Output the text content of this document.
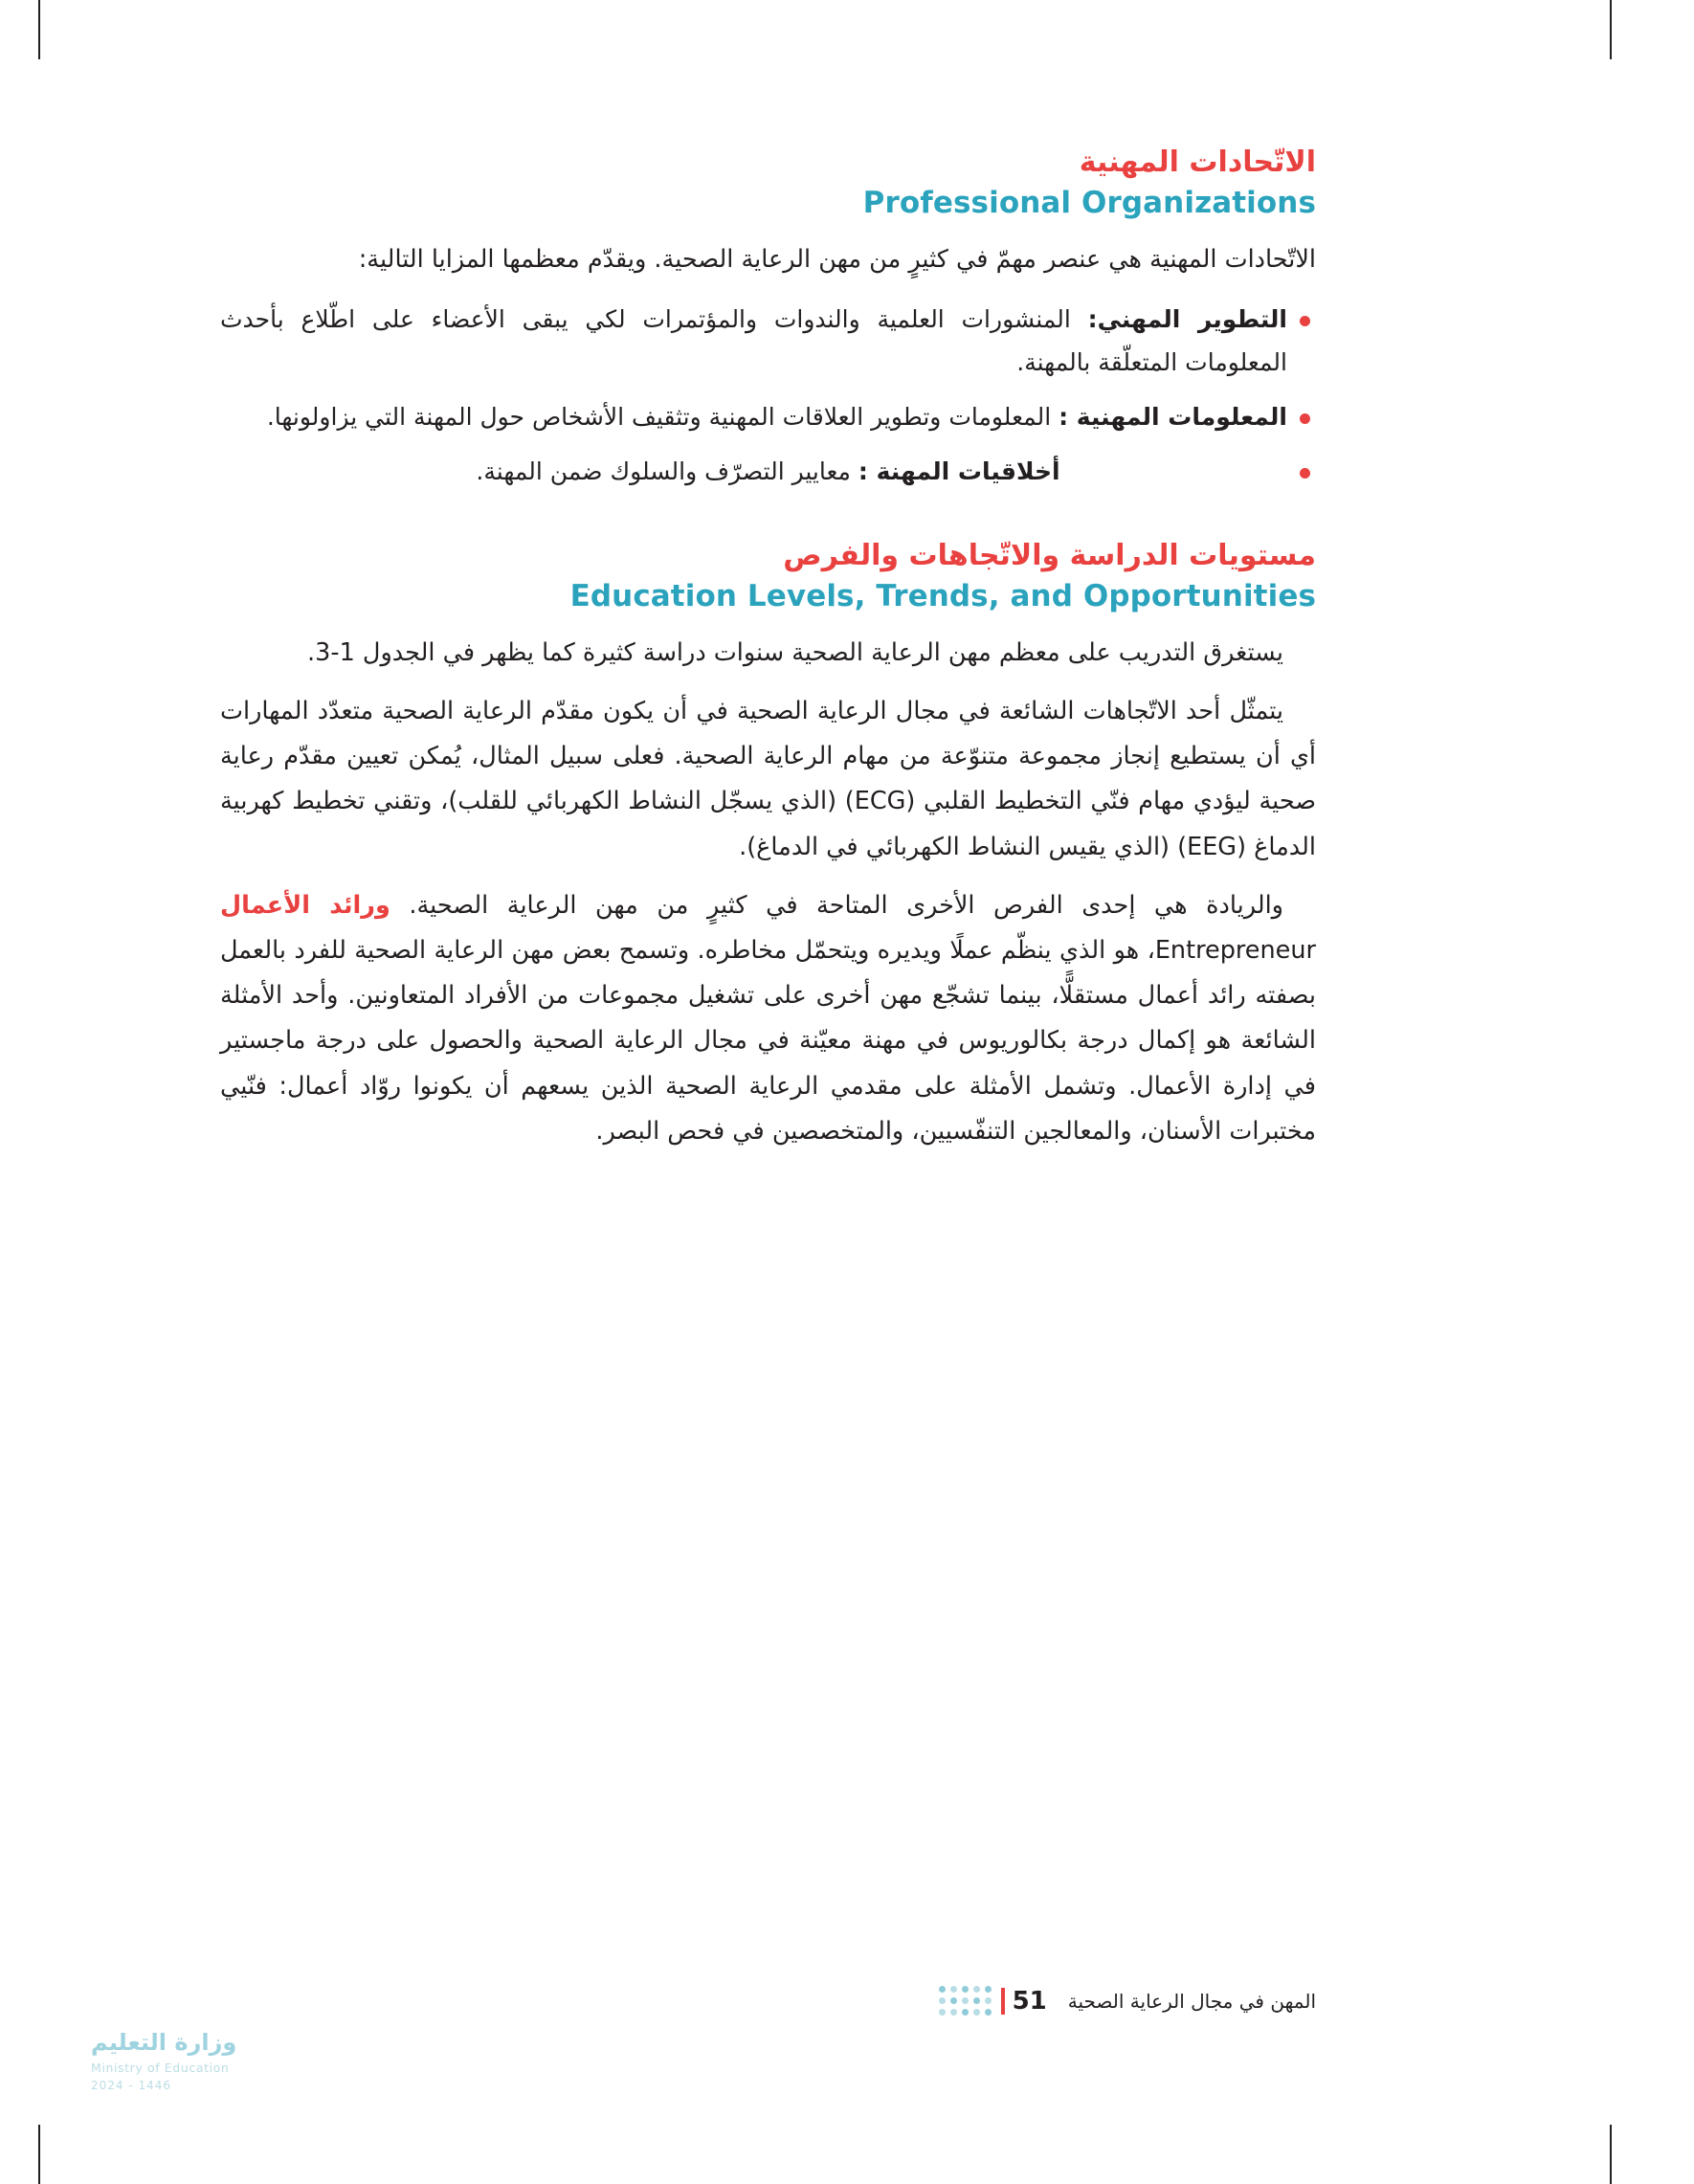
الاتّحادات المهنية
Professional Organizations

الاتّحادات المهنية هي عنصر مهمّ في كثيرٍ من مهن الرعاية الصحية. ويقدّم معظمها المزايا التالية:

التطوير المهني: المنشورات العلمية والندوات والمؤتمرات لكي يبقى الأعضاء على اطّلاع بأحدث المعلومات المتعلّقة بالمهنة.
المعلومات المهنية : المعلومات وتطوير العلاقات المهنية وتثقيف الأشخاص حول المهنة التي يزاولونها.
أخلاقيات المهنة : معايير التصرّف والسلوك ضمن المهنة.
مستويات الدراسة والاتّجاهات والفرص
Education Levels, Trends, and Opportunities

يستغرق التدريب على معظم مهن الرعاية الصحية سنوات دراسة كثيرة كما يظهر في الجدول 1-3.

يتمثّل أحد الاتّجاهات الشائعة في مجال الرعاية الصحية في أن يكون مقدّم الرعاية الصحية متعدّد المهارات أي أن يستطيع إنجاز مجموعة متنوّعة من مهام الرعاية الصحية. فعلى سبيل المثال، يُمكن تعيين مقدّم رعاية صحية ليؤدي مهام فنّي التخطيط القلبي (ECG) (الذي يسجّل النشاط الكهربائي للقلب)، وتقني تخطيط كهربية الدماغ (EEG) (الذي يقيس النشاط الكهربائي في الدماغ).

والريادة هي إحدى الفرص الأخرى المتاحة في كثيرٍ من مهن الرعاية الصحية. ورائد الأعمال Entrepreneur، هو الذي ينظّم عملًا ويديره ويتحمّل مخاطره. وتسمح بعض مهن الرعاية الصحية للفرد بالعمل بصفته رائد أعمال مستقلًّا، بينما تشجّع مهن أخرى على تشغيل مجموعات من الأفراد المتعاونين. وأحد الأمثلة الشائعة هو إكمال درجة بكالوريوس في مهنة معيّنة في مجال الرعاية الصحية والحصول على درجة ماجستير في إدارة الأعمال. وتشمل الأمثلة على مقدمي الرعاية الصحية الذين يسعهم أن يكونوا روّاد أعمال: فنّيي مختبرات الأسنان، والمعالجين التنفّسيين، والمتخصصين في فحص البصر.

المهن في مجال الرعاية الصحية
51
وزارة التعليم
Ministry of Education
2024 - 1446
